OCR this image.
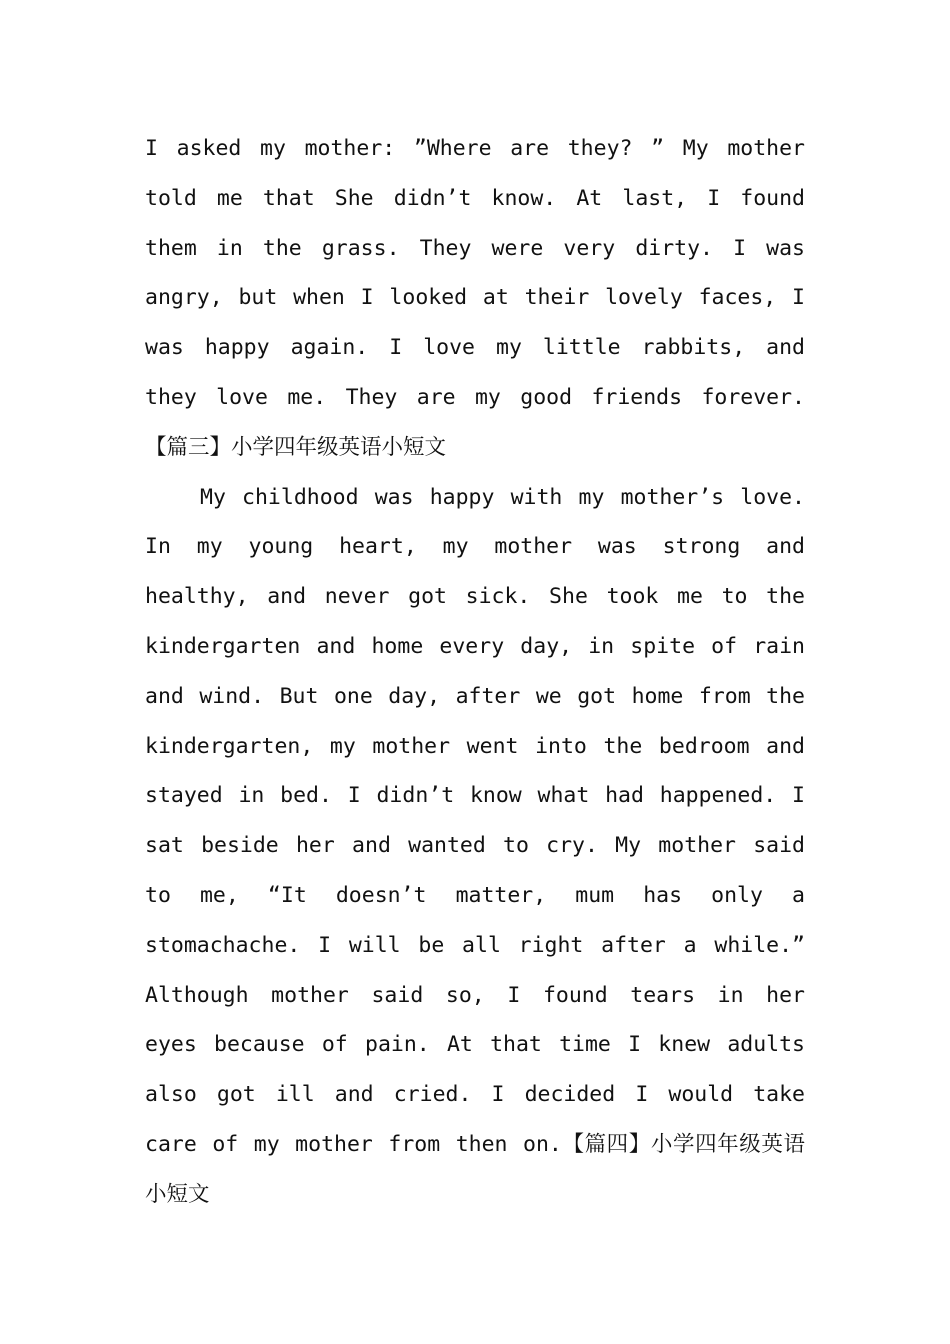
I asked my mother: ”Where are they? ” My mother told me that She didn’t know. At last, I found them in the grass. They were very dirty. I was angry, but when I looked at their lovely faces, I was happy again. I love my little rabbits, and they love me. They are my good friends forever.【篇三】小学四年级英语小短文

My childhood was happy with my mother’s love. In my young heart, my mother was strong and healthy, and never got sick. She took me to the kindergarten and home every day, in spite of rain and wind. But one day, after we got home from the kindergarten, my mother went into the bedroom and stayed in bed. I didn’t know what had happened. I sat beside her and wanted to cry. My mother said to me, “It doesn’t matter, mum has only a stomachache. I will be all right after a while.” Although mother said so, I found tears in her eyes because of pain. At that time I knew adults also got ill and cried. I decided I would take care of my mother from then on.【篇四】小学四年级英语小短文
